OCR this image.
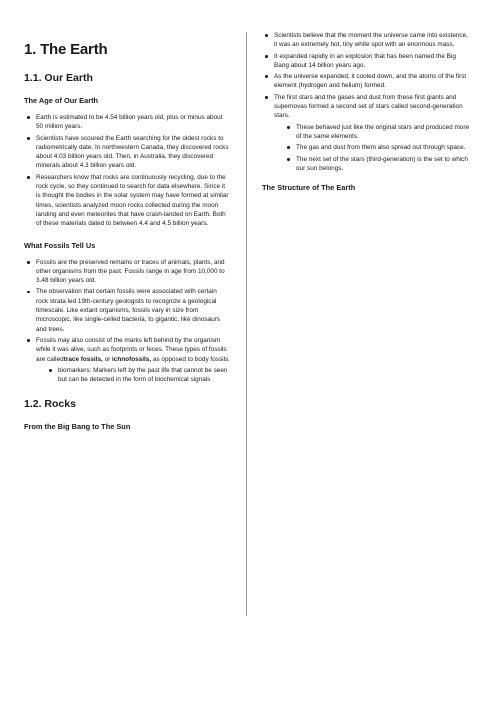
1. The Earth
1.1. Our Earth
The Age of Our Earth
Earth is estimated to be 4.54 billion years old, plus or minus about 50 million years.
Scientists have scoured the Earth searching for the oldest rocks to radiometrically date. In northwestern Canada, they discovered rocks about 4.03 billion years old. Then, in Australia, they discovered minerals about 4.3 billion years old.
Researchers know that rocks are continuously recycling, due to the rock cycle, so they continued to search for data elsewhere. Since it is thought the bodies in the solar system may have formed at similar times, scientists analyzed moon rocks collected during the moon landing and even meteorites that have crash-landed on Earth. Both of these materials dated to between 4.4 and 4.5 billion years.
What Fossils Tell Us
Fossils are the preserved remains or traces of animals, plants, and other organisms from the past. Fossils range in age from 10,000 to 3.48 billion years old.
The observation that certain fossils were associated with certain rock strata led 19th-century geologists to recognize a geological timescale. Like extant organisms, fossils vary in size from microscopic, like single-celled bacteria, to gigantic, like dinosaurs and trees.
Fossils may also consist of the marks left behind by the organism while it was alive, such as footprints or feces. These types of fossils are calledtrace fossils, or ichnofossils, as opposed to body fossils.
biomarkers: Markers left by the past life that cannot be seen but can be detected in the form of biochemical signals
1.2. Rocks
From the Big Bang to The Sun
Scientists believe that the moment the universe came into existence, it was an extremely hot, tiny white spot with an enormous mass.
It expanded rapidly in an explosion that has been named the Big Bang about 14 billion years ago.
As the universe expanded, it cooled down, and the atoms of the first element (hydrogen and helium) formed.
The first stars and the gases and dust from these first giants and supernovas formed a second set of stars called second-generation stars.
These behaved just like the original stars and produced more of the same elements.
The gas and dust from them also spread out through space.
The next set of the stars (third-generation) is the set to which our sun belongs.
The Structure of The Earth
